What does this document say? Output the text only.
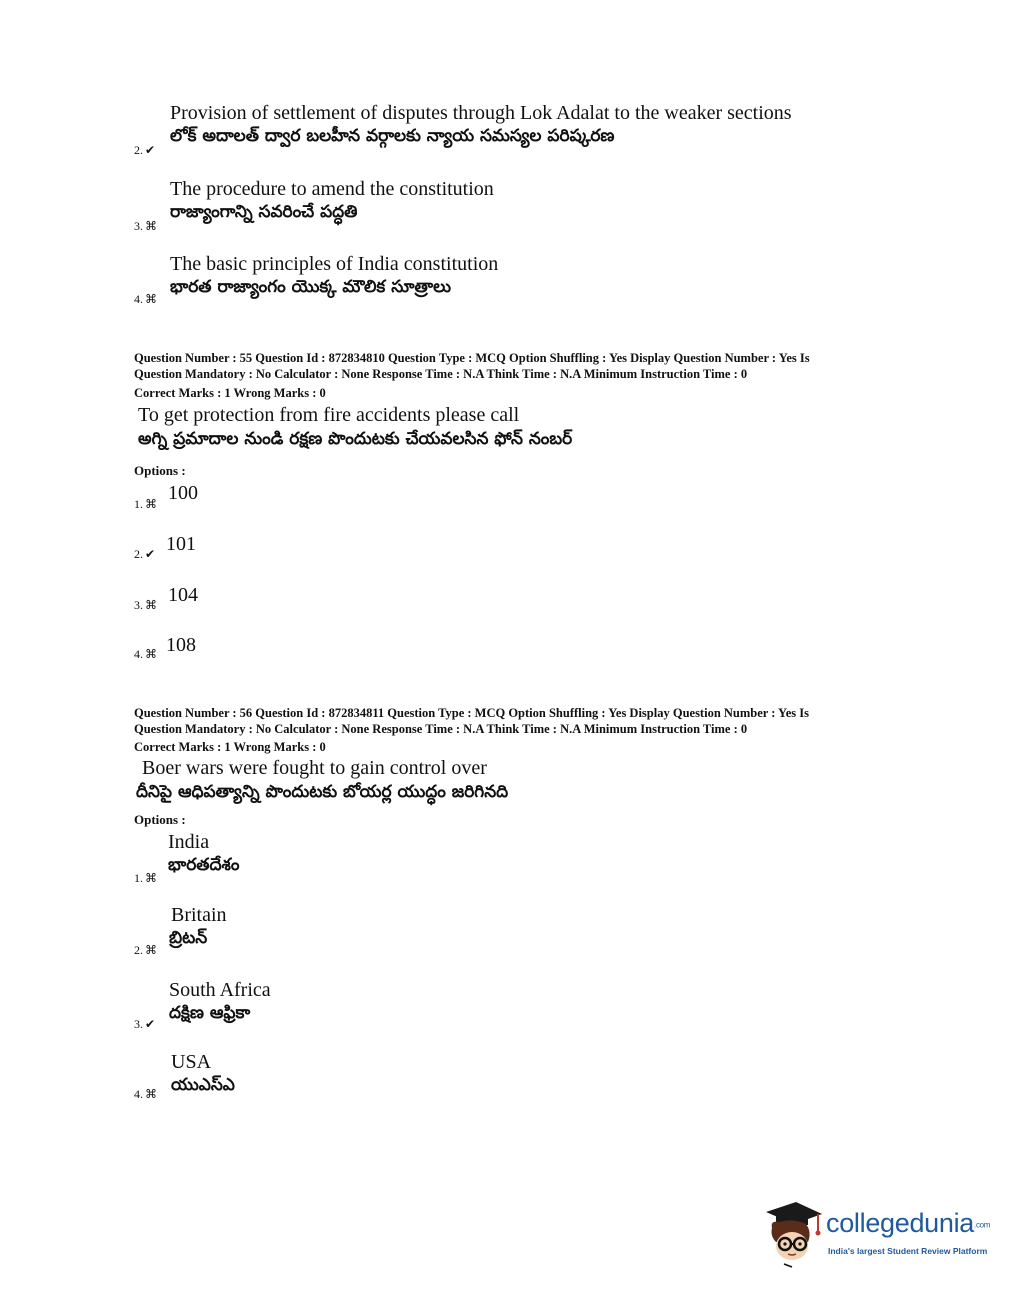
Provision of settlement of disputes through Lok Adalat to the weaker sections
లోక్ అదాలత్ ద్వార బలహీన వర్గాలకు న్యాయ సమస్యల పరిష్కరణ
2. ✔
The procedure to amend the constitution
రాజ్యాంగాన్ని సవరించే పద్ధతి
3. ⌘
The basic principles of India constitution
భారత రాజ్యాంగం యొక్క మౌలిక సూత్రాలు
4. ⌘
Question Number : 55 Question Id : 872834810 Question Type : MCQ Option Shuffling : Yes Display Question Number : Yes Is
Question Mandatory : No Calculator : None Response Time : N.A Think Time : N.A Minimum Instruction Time : 0
Correct Marks : 1 Wrong Marks : 0
To get protection from fire accidents please call
అగ్ని ప్రమాదాల నుండి రక్షణ పొందుటకు చేయవలసిన ఫోన్ నంబర్
Options :
1. ⌘ 100
2. ✔ 101
3. ⌘ 104
4. ⌘ 108
Question Number : 56 Question Id : 872834811 Question Type : MCQ Option Shuffling : Yes Display Question Number : Yes Is
Question Mandatory : No Calculator : None Response Time : N.A Think Time : N.A Minimum Instruction Time : 0
Correct Marks : 1 Wrong Marks : 0
Boer wars were fought to gain control over
దీనిపై ఆధిపత్యాన్ని పొందుటకు బోయర్ల యుద్ధం జరిగినది
Options :
India
భారతదేశం
1. ⌘
Britain
బ్రిటన్
2. ⌘
South Africa
దక్షిణ ఆఫ్రికా
3. ✔
USA
యుఎస్ఎ
4. ⌘
collegedunia.com
India's largest Student Review Platform
